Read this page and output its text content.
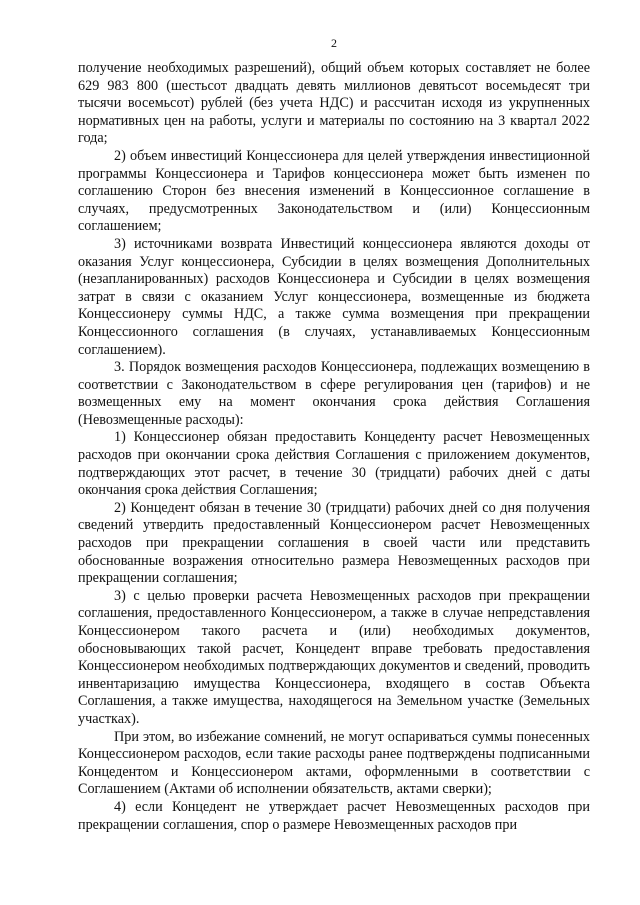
2

получение необходимых разрешений), общий объем которых составляет не более 629 983 800 (шестьсот двадцать девять миллионов девятьсот восемьдесят три тысячи восемьсот) рублей (без учета НДС) и рассчитан исходя из укрупненных нормативных цен на работы, услуги и материалы по состоянию на 3 квартал 2022 года;

2) объем инвестиций Концессионера для целей утверждения инвестиционной программы Концессионера и Тарифов концессионера может быть изменен по соглашению Сторон без внесения изменений в Концессионное соглашение в случаях, предусмотренных Законодательством и (или) Концессионным соглашением;

3) источниками возврата Инвестиций концессионера являются доходы от оказания Услуг концессионера, Субсидии в целях возмещения Дополнительных (незапланированных) расходов Концессионера и Субсидии в целях возмещения затрат в связи с оказанием Услуг концессионера, возмещенные из бюджета Концессионеру суммы НДС, а также сумма возмещения при прекращении Концессионного соглашения (в случаях, устанавливаемых Концессионным соглашением).

3. Порядок возмещения расходов Концессионера, подлежащих возмещению в соответствии с Законодательством в сфере регулирования цен (тарифов) и не возмещенных ему на момент окончания срока действия Соглашения (Невозмещенные расходы):

1) Концессионер обязан предоставить Концеденту расчет Невозмещенных расходов при окончании срока действия Соглашения с приложением документов, подтверждающих этот расчет, в течение 30 (тридцати) рабочих дней с даты окончания срока действия Соглашения;

2) Концедент обязан в течение 30 (тридцати) рабочих дней со дня получения сведений утвердить предоставленный Концессионером расчет Невозмещенных расходов при прекращении соглашения в своей части или представить обоснованные возражения относительно размера Невозмещенных расходов при прекращении соглашения;

3) с целью проверки расчета Невозмещенных расходов при прекращении соглашения, предоставленного Концессионером, а также в случае непредставления Концессионером такого расчета и (или) необходимых документов, обосновывающих такой расчет, Концедент вправе требовать предоставления Концессионером необходимых подтверждающих документов и сведений, проводить инвентаризацию имущества Концессионера, входящего в состав Объекта Соглашения, а также имущества, находящегося на Земельном участке (Земельных участках).

При этом, во избежание сомнений, не могут оспариваться суммы понесенных Концессионером расходов, если такие расходы ранее подтверждены подписанными Концедентом и Концессионером актами, оформленными в соответствии с Соглашением (Актами об исполнении обязательств, актами сверки);

4) если Концедент не утверждает расчет Невозмещенных расходов при прекращении соглашения, спор о размере Невозмещенных расходов при
